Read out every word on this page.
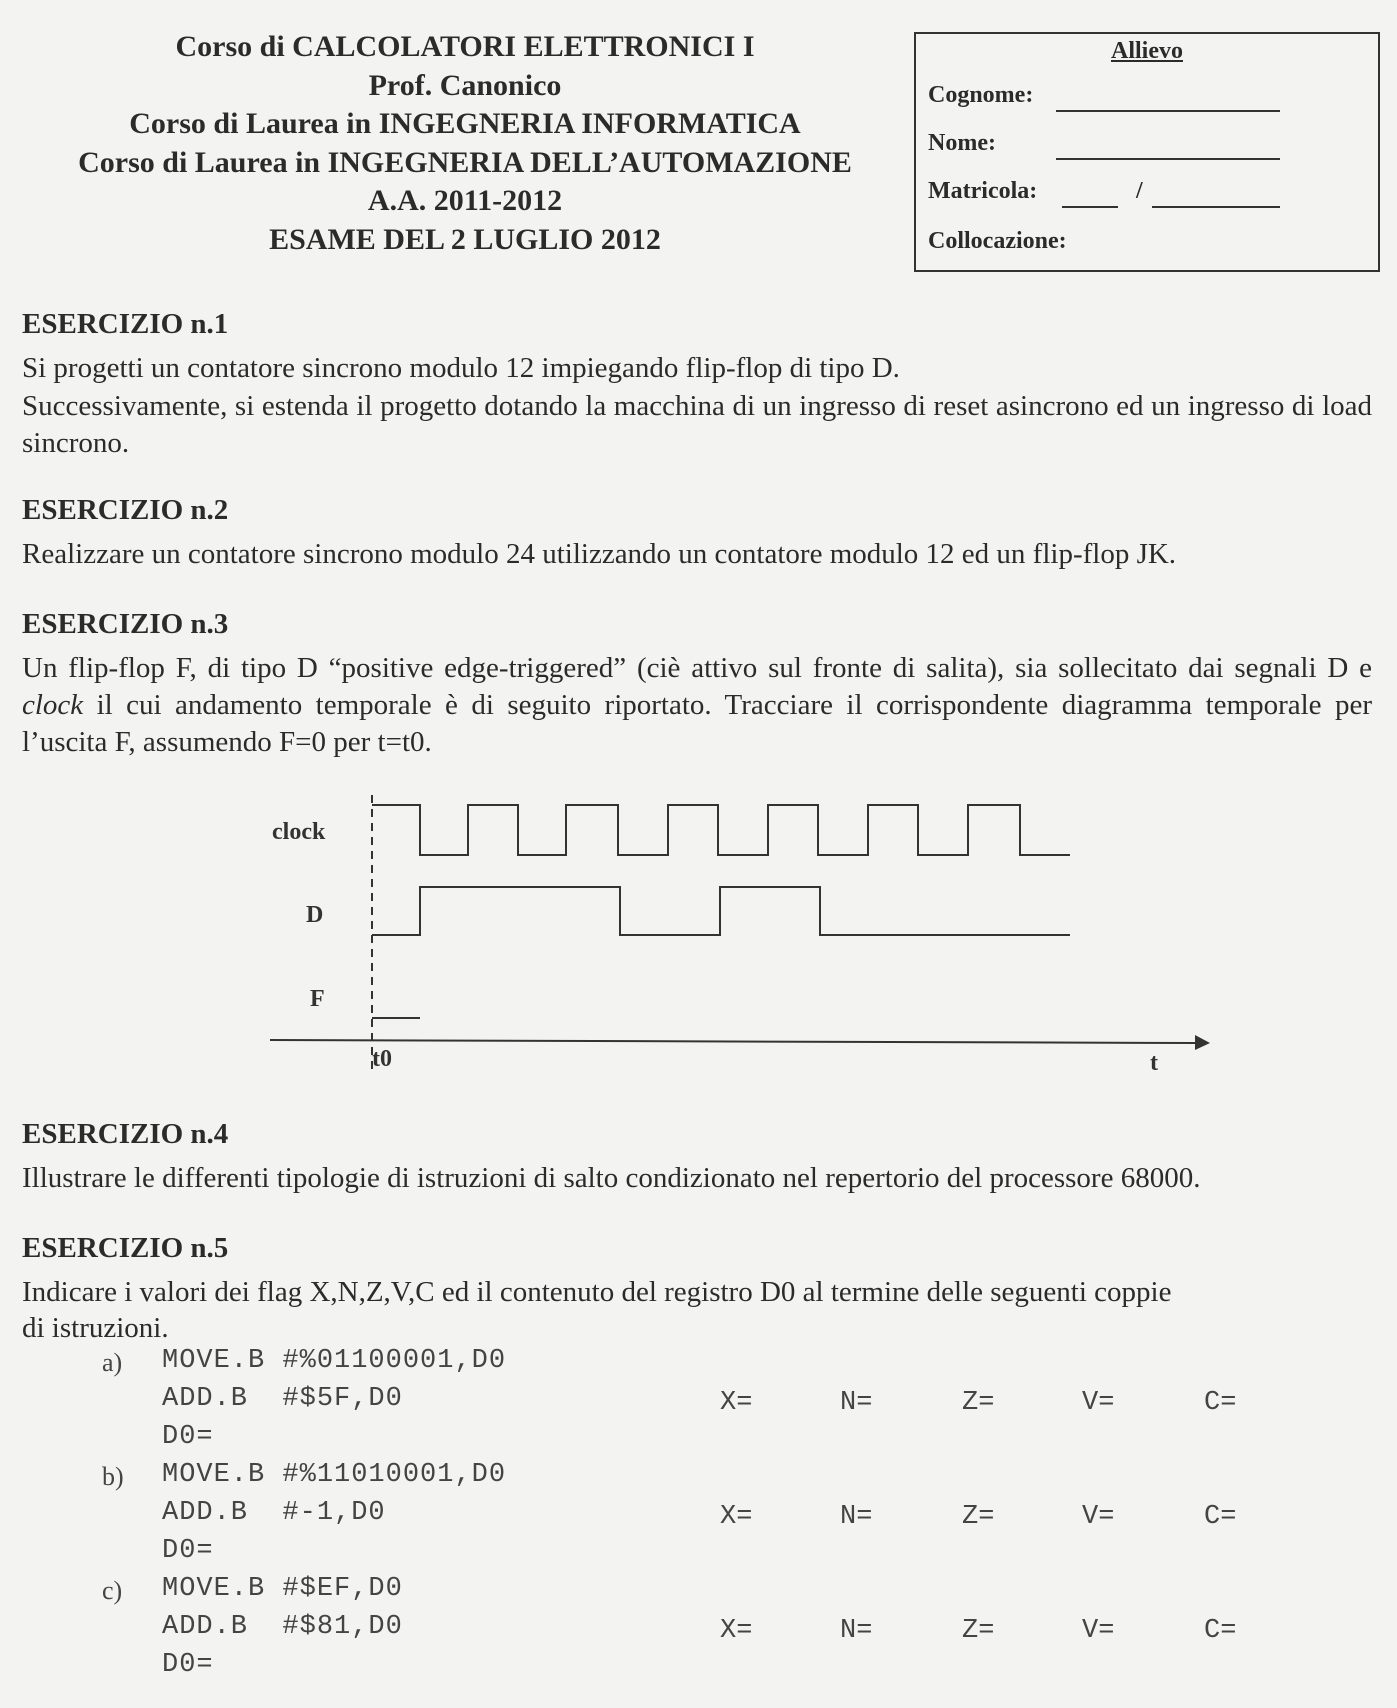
Corso di CALCOLATORI ELETTRONICI I
Prof. Canonico
Corso di Laurea in INGEGNERIA INFORMATICA
Corso di Laurea in INGEGNERIA DELL’AUTOMAZIONE
A.A. 2011-2012
ESAME DEL 2 LUGLIO 2012
Allievo
Cognome:
Nome:
Matricola:	/
Collocazione:
ESERCIZIO n.1
Si progetti un contatore sincrono modulo 12 impiegando flip-flop di tipo D.
Successivamente, si estenda il progetto dotando la macchina di un ingresso di reset asincrono ed un ingresso di load sincrono.
ESERCIZIO n.2
Realizzare un contatore sincrono modulo 24 utilizzando un contatore modulo 12 ed un flip-flop JK.
ESERCIZIO n.3
Un flip-flop F, di tipo D “positive edge-triggered” (ciè attivo sul fronte di salita), sia sollecitato dai segnali D e clock il cui andamento temporale è di seguito riportato. Tracciare il corrispondente diagramma temporale per l’uscita F, assumendo F=0 per t=t0.
clock
D
F
t0	t
ESERCIZIO n.4
Illustrare le differenti tipologie di istruzioni di salto condizionato nel repertorio del processore 68000.
ESERCIZIO n.5
Indicare i valori dei flag X,N,Z,V,C ed il contenuto del registro D0 al termine delle seguenti coppie
di istruzioni.
a) MOVE.B #%01100001,D0
ADD.B  #$5F,D0
D0=
X=	N=	Z=	V=	C=
b) MOVE.B #%11010001,D0
ADD.B  #-1,D0
D0=
X=	N=	Z=	V=	C=
c) MOVE.B #$EF,D0
ADD.B  #$81,D0
D0=
X=	N=	Z=	V=	C=
